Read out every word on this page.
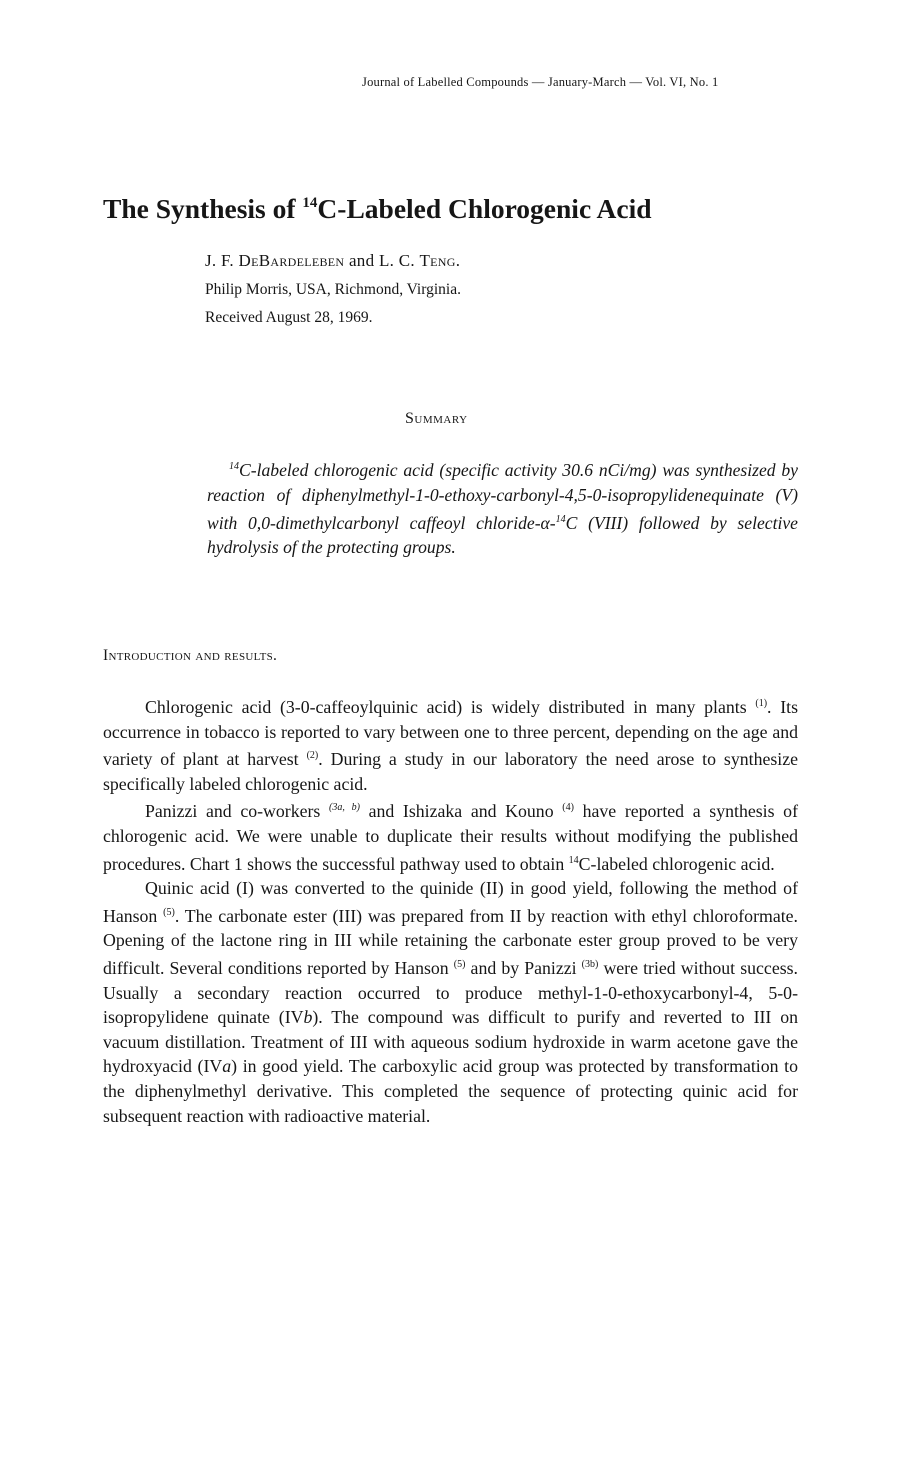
Journal of Labelled Compounds — January-March — Vol. VI, No. 1
The Synthesis of $^{14}$C-Labeled Chlorogenic Acid
J. F. DeBardeleben and L. C. Teng.
Philip Morris, USA, Richmond, Virginia.
Received August 28, 1969.
Summary
$^{14}$C-labeled chlorogenic acid (specific activity 30.6 nCi/mg) was synthesized by reaction of diphenylmethyl-1-0-ethoxy-carbonyl-4,5-0-isopropylidenequinate (V) with 0,0-dimethylcarbonyl caffeoyl chloride-α-$^{14}$C (VIII) followed by selective hydrolysis of the protecting groups.
Introduction and results.

Chlorogenic acid (3-0-caffeoylquinic acid) is widely distributed in many plants $^{(1)}$. Its occurrence in tobacco is reported to vary between one to three percent, depending on the age and variety of plant at harvest $^{(2)}$. During a study in our laboratory the need arose to synthesize specifically labeled chlorogenic acid.

Panizzi and co-workers $^{(3a, b)}$ and Ishizaka and Kouno $^{(4)}$ have reported a synthesis of chlorogenic acid. We were unable to duplicate their results without modifying the published procedures. Chart 1 shows the successful pathway used to obtain $^{14}$C-labeled chlorogenic acid.

Quinic acid (I) was converted to the quinide (II) in good yield, following the method of Hanson $^{(5)}$. The carbonate ester (III) was prepared from II by reaction with ethyl chloroformate. Opening of the lactone ring in III while retaining the carbonate ester group proved to be very difficult. Several conditions reported by Hanson $^{(5)}$ and by Panizzi $^{(3b)}$ were tried without success. Usually a secondary reaction occurred to produce methyl-1-0-ethoxycarbonyl-4, 5-0-isopropylidene quinate (IVb). The compound was difficult to purify and reverted to III on vacuum distillation. Treatment of III with aqueous sodium hydroxide in warm acetone gave the hydroxyacid (IVa) in good yield. The carboxylic acid group was protected by transformation to the diphenylmethyl derivative. This completed the sequence of protecting quinic acid for subsequent reaction with radioactive material.
